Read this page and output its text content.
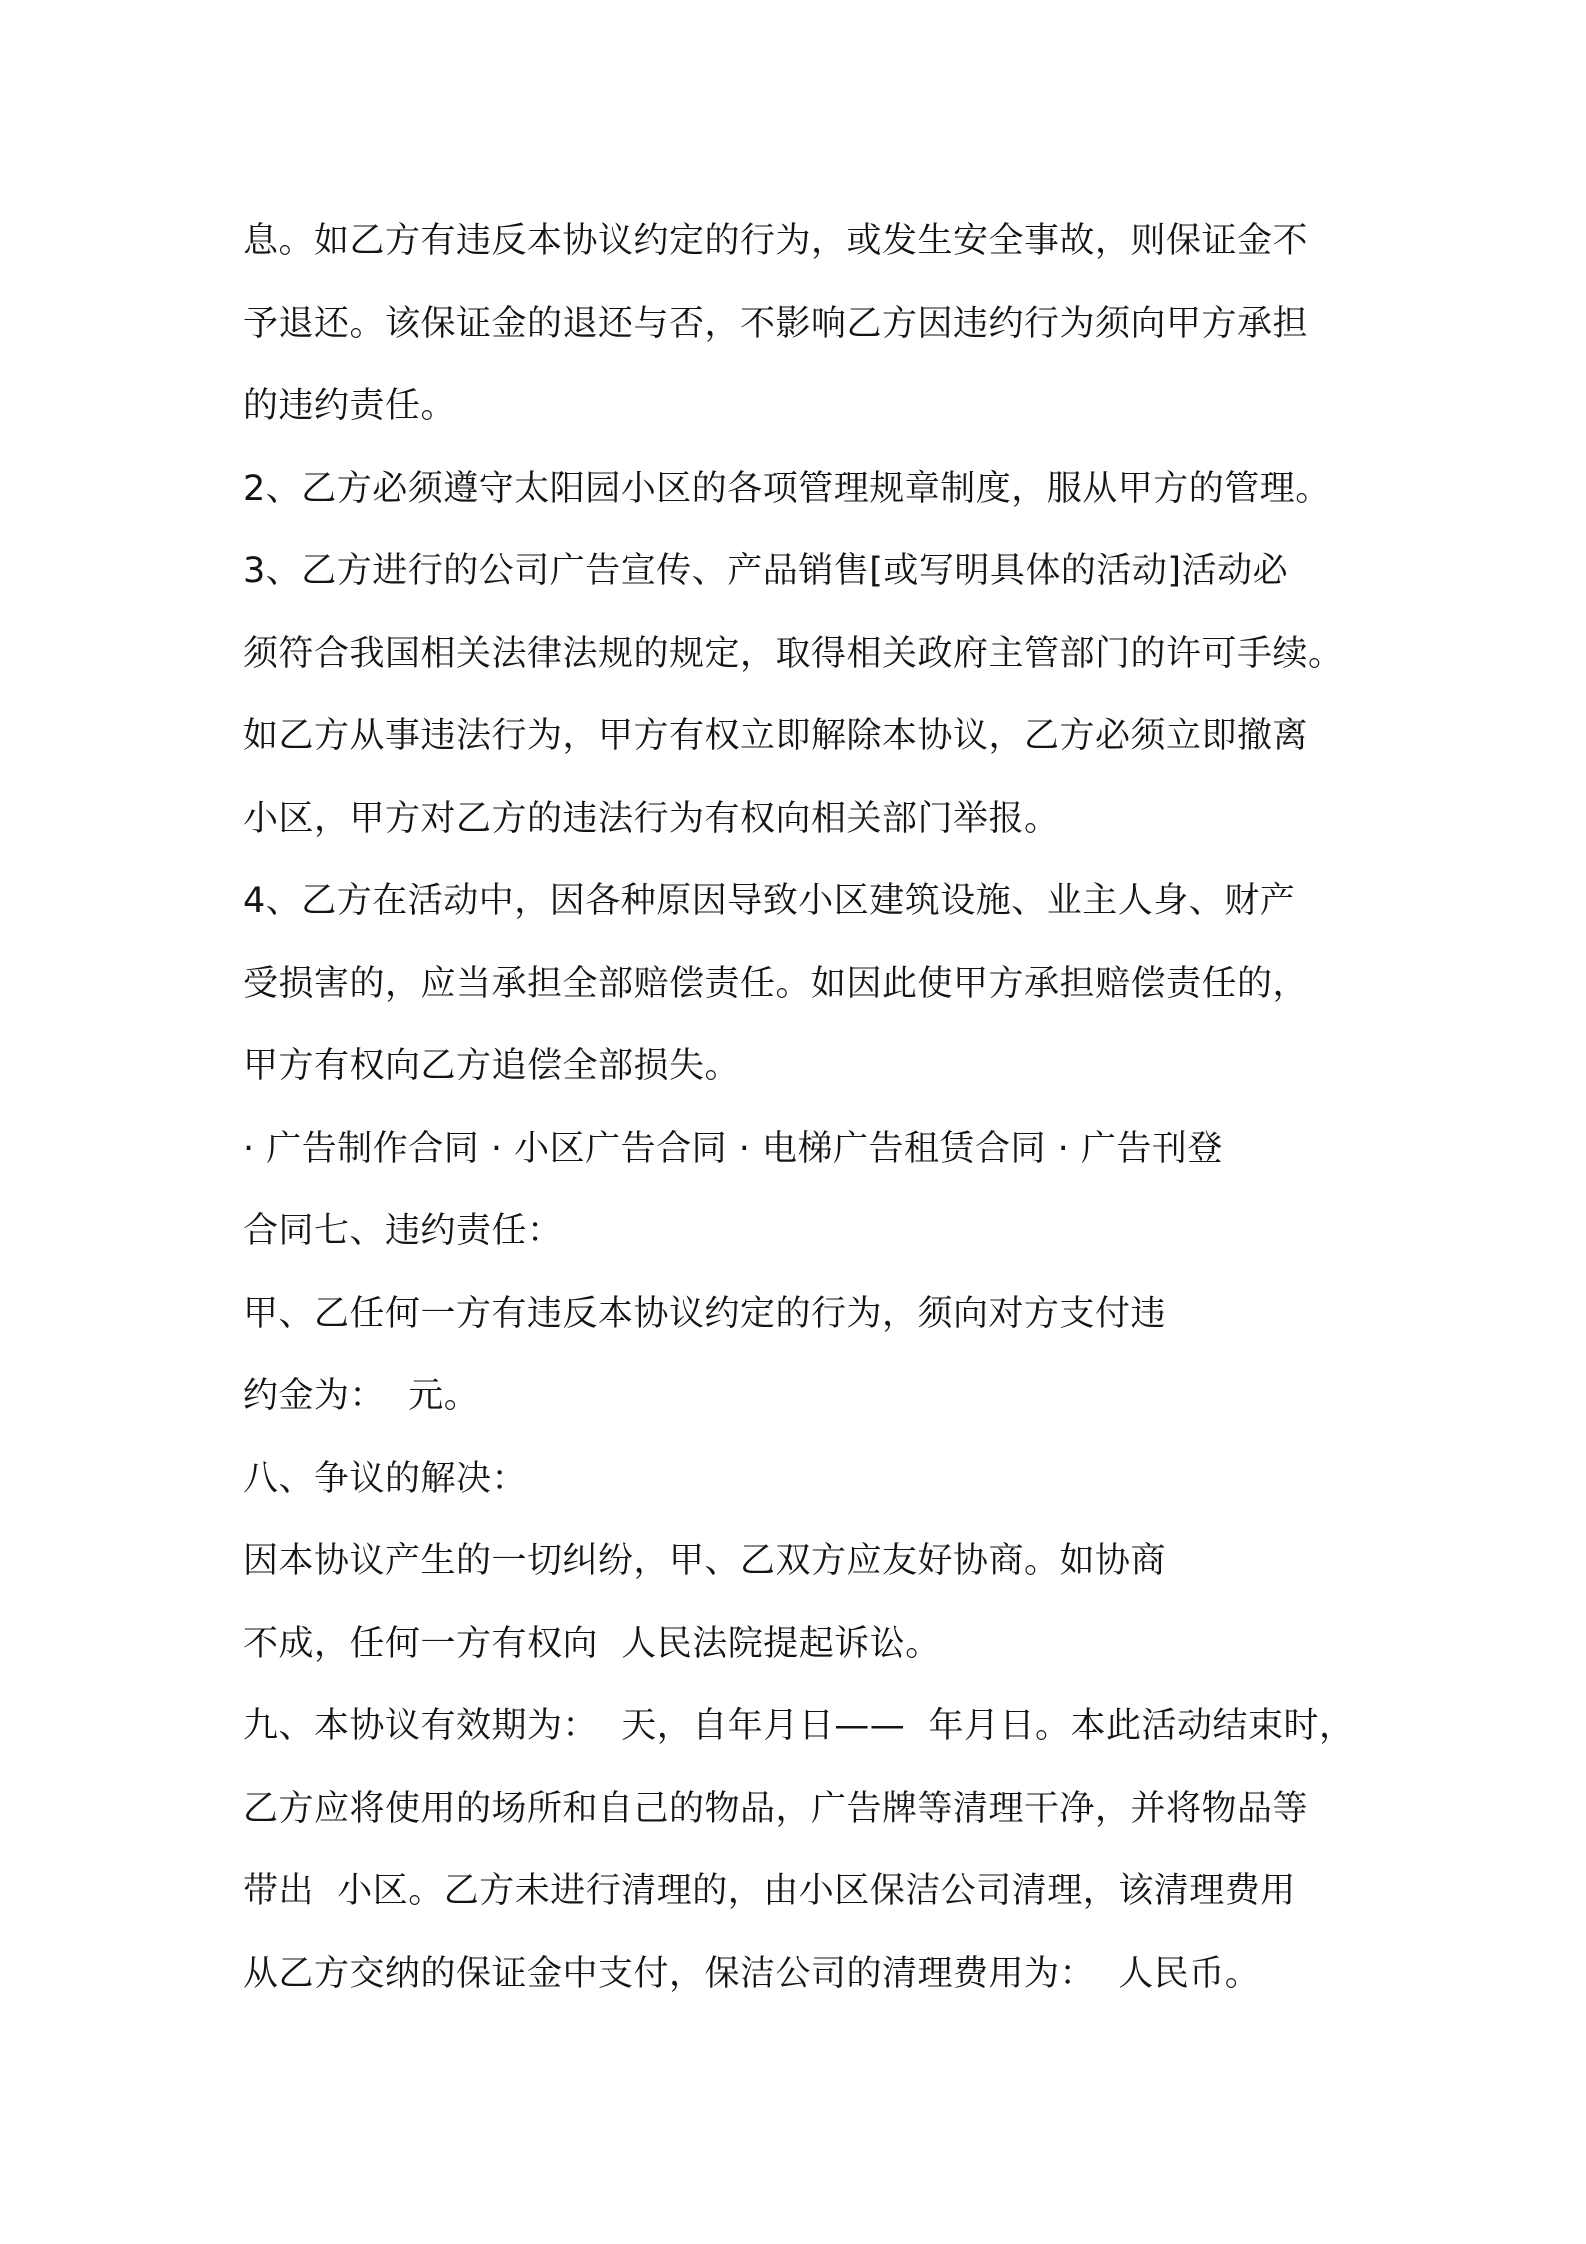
息。如乙方有违反本协议约定的行为，或发生安全事故，则保证金不
予退还。该保证金的退还与否，不影响乙方因违约行为须向甲方承担
的违约责任。
2、乙方必须遵守太阳园小区的各项管理规章制度，服从甲方的管理。
3、乙方进行的公司广告宣传、产品销售[或写明具体的活动]活动必
须符合我国相关法律法规的规定，取得相关政府主管部门的许可手续。
如乙方从事违法行为，甲方有权立即解除本协议，乙方必须立即撤离
小区，甲方对乙方的违法行为有权向相关部门举报。
4、乙方在活动中，因各种原因导致小区建筑设施、业主人身、财产
受损害的，应当承担全部赔偿责任。如因此使甲方承担赔偿责任的，
甲方有权向乙方追偿全部损失。
· 广告制作合同 · 小区广告合同 · 电梯广告租赁合同 · 广告刊登
合同七、违约责任：
甲、乙任何一方有违反本协议约定的行为，须向对方支付违
约金为：  元。
八、争议的解决：
因本协议产生的一切纠纷，甲、乙双方应友好协商。如协商
不成，任何一方有权向  人民法院提起诉讼。
九、本协议有效期为：  天，自年月日——  年月日。本此活动结束时，
乙方应将使用的场所和自己的物品，广告牌等清理干净，并将物品等
带出  小区。乙方未进行清理的，由小区保洁公司清理，该清理费用
从乙方交纳的保证金中支付，保洁公司的清理费用为：  人民币。
